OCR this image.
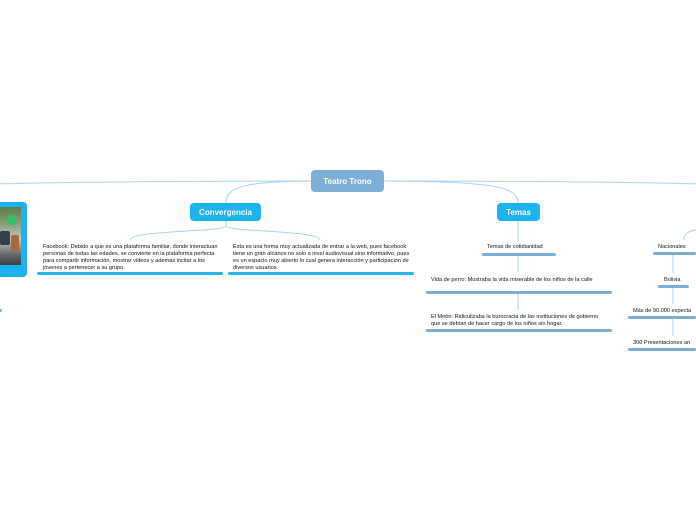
Teatro Trono
Convergencia
Facebook: Debido a que es una plataforma familiar, donde interactuan personas de todas las edades, se convierte en la plataforma perfecta para compartir información, mostrar videos y ademas incitar a los jóvenes a pertenecer a su grupo.
Esta es una forma muy actualizada de entrar a la web, pues facebook tiene un gran alcance no solo a nivel audiovisual sino informativo, pues es un espacio muy abierto lo cual genera interacción y participación de diversos usuarios.
Temas
Temas de cotidianidad
Vida de perro: Mostraba la vida miserable de los niños de la calle
El Meón: Ridiculizaba la burocracia de las instituciones de gobierno que se debían de hacer cargo de los niños sin hogar.
Nacionales
Bolivia
Más de 90.000 especta
300 Presentaciones an
